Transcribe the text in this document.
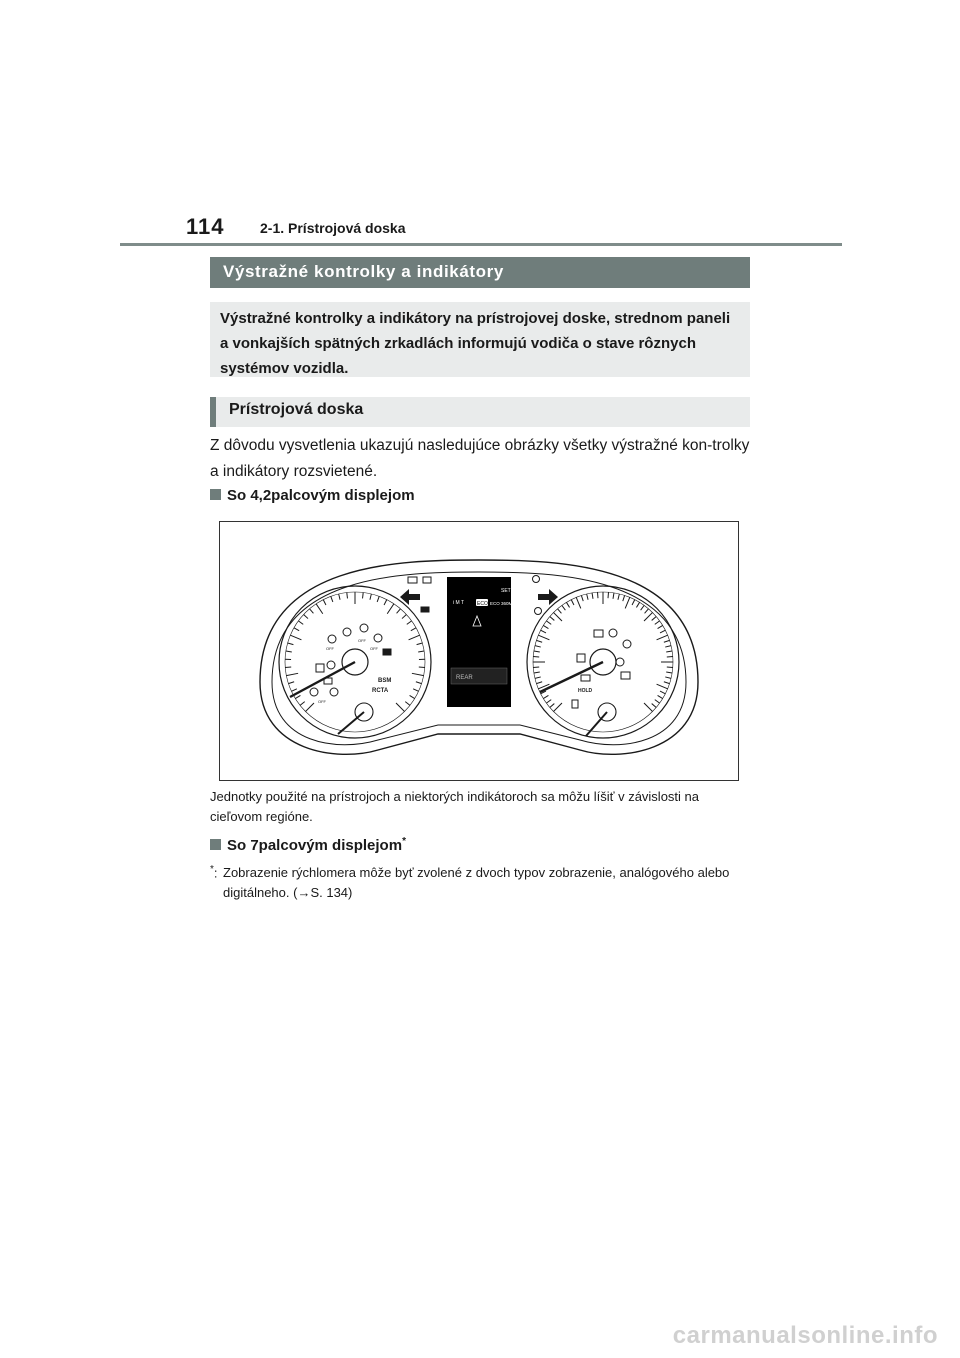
114	2-1. Prístrojová doska
Výstražné kontrolky a indikátory
Výstražné kontrolky a indikátory na prístrojovej doske, strednom paneli a vonkajších spätných zrkadlách informujú vodiča o stave rôznych systémov vozidla.
Prístrojová doska
Z dôvodu vysvetlenia ukazujú nasledujúce obrázky všetky výstražné kon-trolky a indikátory rozsvietené.
So 4,2palcovým displejom
REAR
i M T	ECO ECO 360M
SET
BSM
RCTA
OFF
OFF
OFF
OFF
HOLD
Jednotky použité na prístrojoch a niektorých indikátoroch sa môžu líšiť v závislosti na cieľovom regióne.
So 7palcovým displejom*
*: Zobrazenie rýchlomera môže byť zvolené z dvoch typov zobrazenie, analógového alebo digitálneho. (→S. 134)
carmanualsonline.info
